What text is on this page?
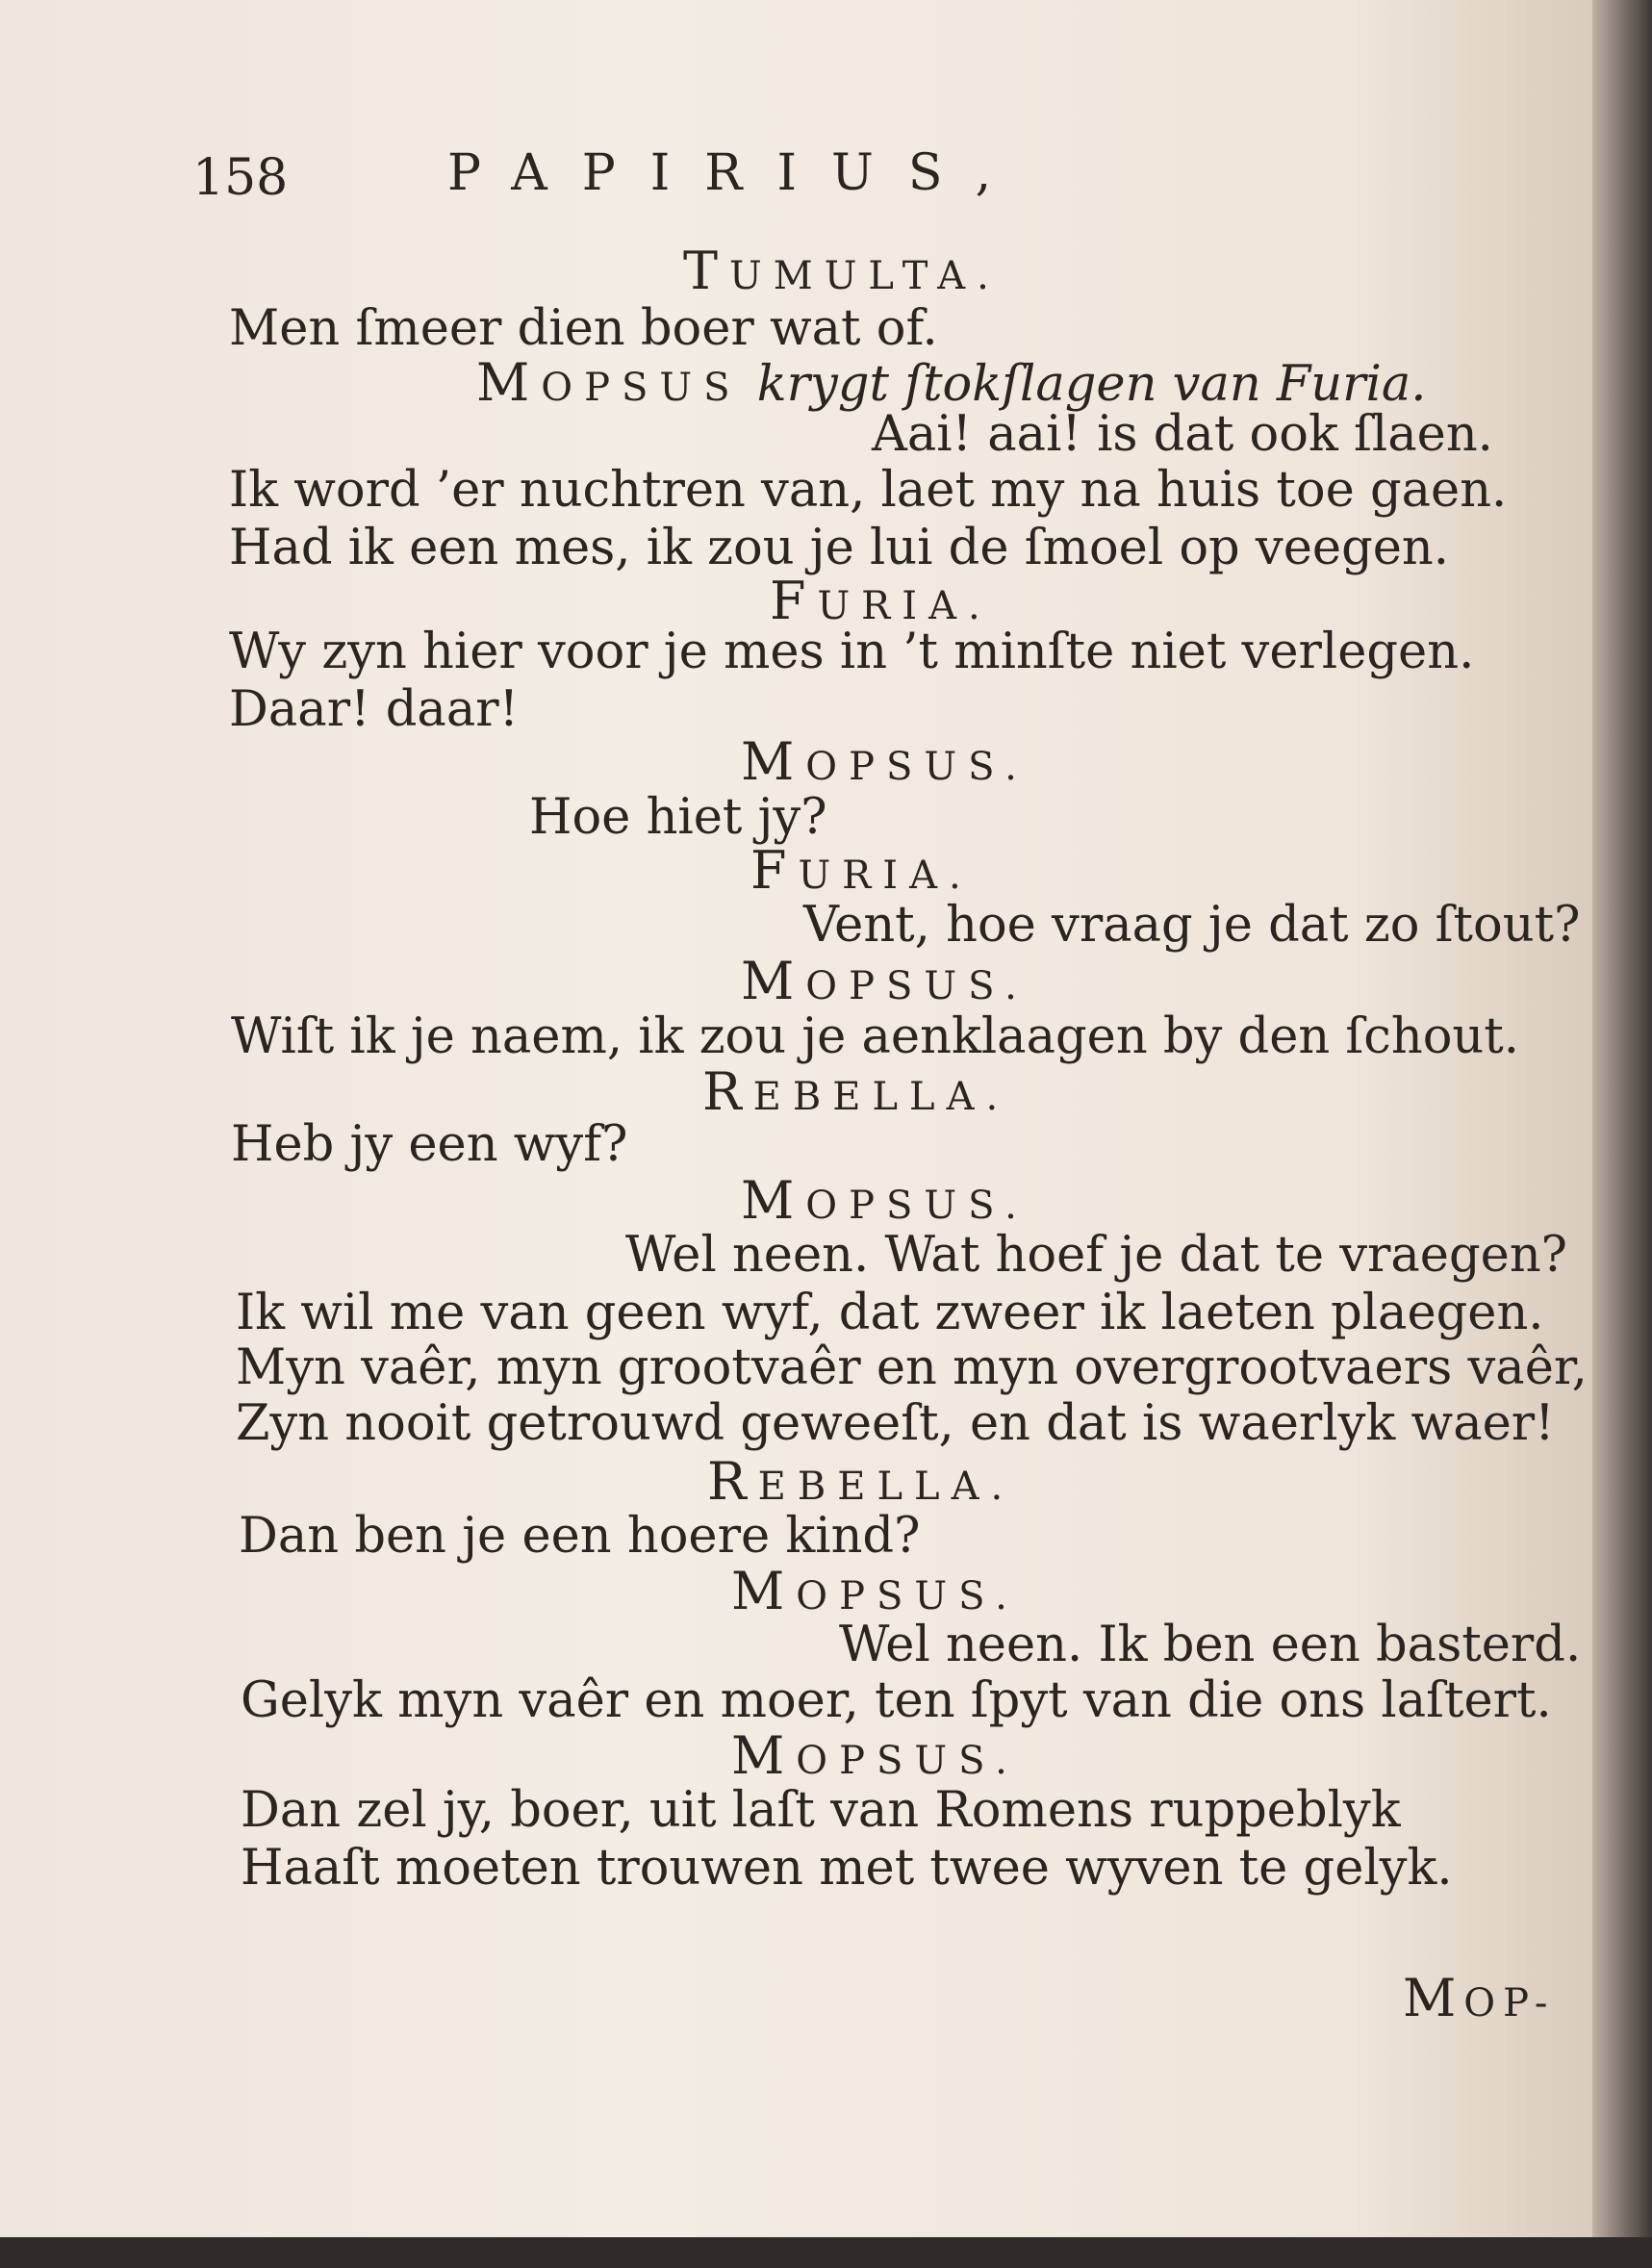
158	PAPIRIUS,
TUMULTA.
Men ſmeer dien boer wat of.
MOPSUS krygt ſtokſlagen van Furia.
Aai! aai! is dat ook ſlaen.
Ik word ’er nuchtren van, laet my na huis toe gaen.
Had ik een mes, ik zou je lui de ſmoel op veegen.
FURIA.
Wy zyn hier voor je mes in ’t minſte niet verlegen.
Daar! daar!
MOPSUS.
Hoe hiet jy?
FURIA.
Vent, hoe vraag je dat zo ſtout?
MOPSUS.
Wiſt ik je naem, ik zou je aenklaagen by den ſchout.
REBELLA.
Heb jy een wyf?
MOPSUS.
Wel neen. Wat hoef je dat te vraegen?
Ik wil me van geen wyf, dat zweer ik laeten plaegen.
Myn vaêr, myn grootvaêr en myn overgrootvaers vaêr,
Zyn nooit getrouwd geweeſt, en dat is waerlyk waer!
REBELLA.
Dan ben je een hoere kind?
MOPSUS.
Wel neen. Ik ben een basterd.
Gelyk myn vaêr en moer, ten ſpyt van die ons laſtert.
MOPSUS.
Dan zel jy, boer, uit laſt van Romens ruppeblyk
Haaſt moeten trouwen met twee wyven te gelyk.
MOP-
